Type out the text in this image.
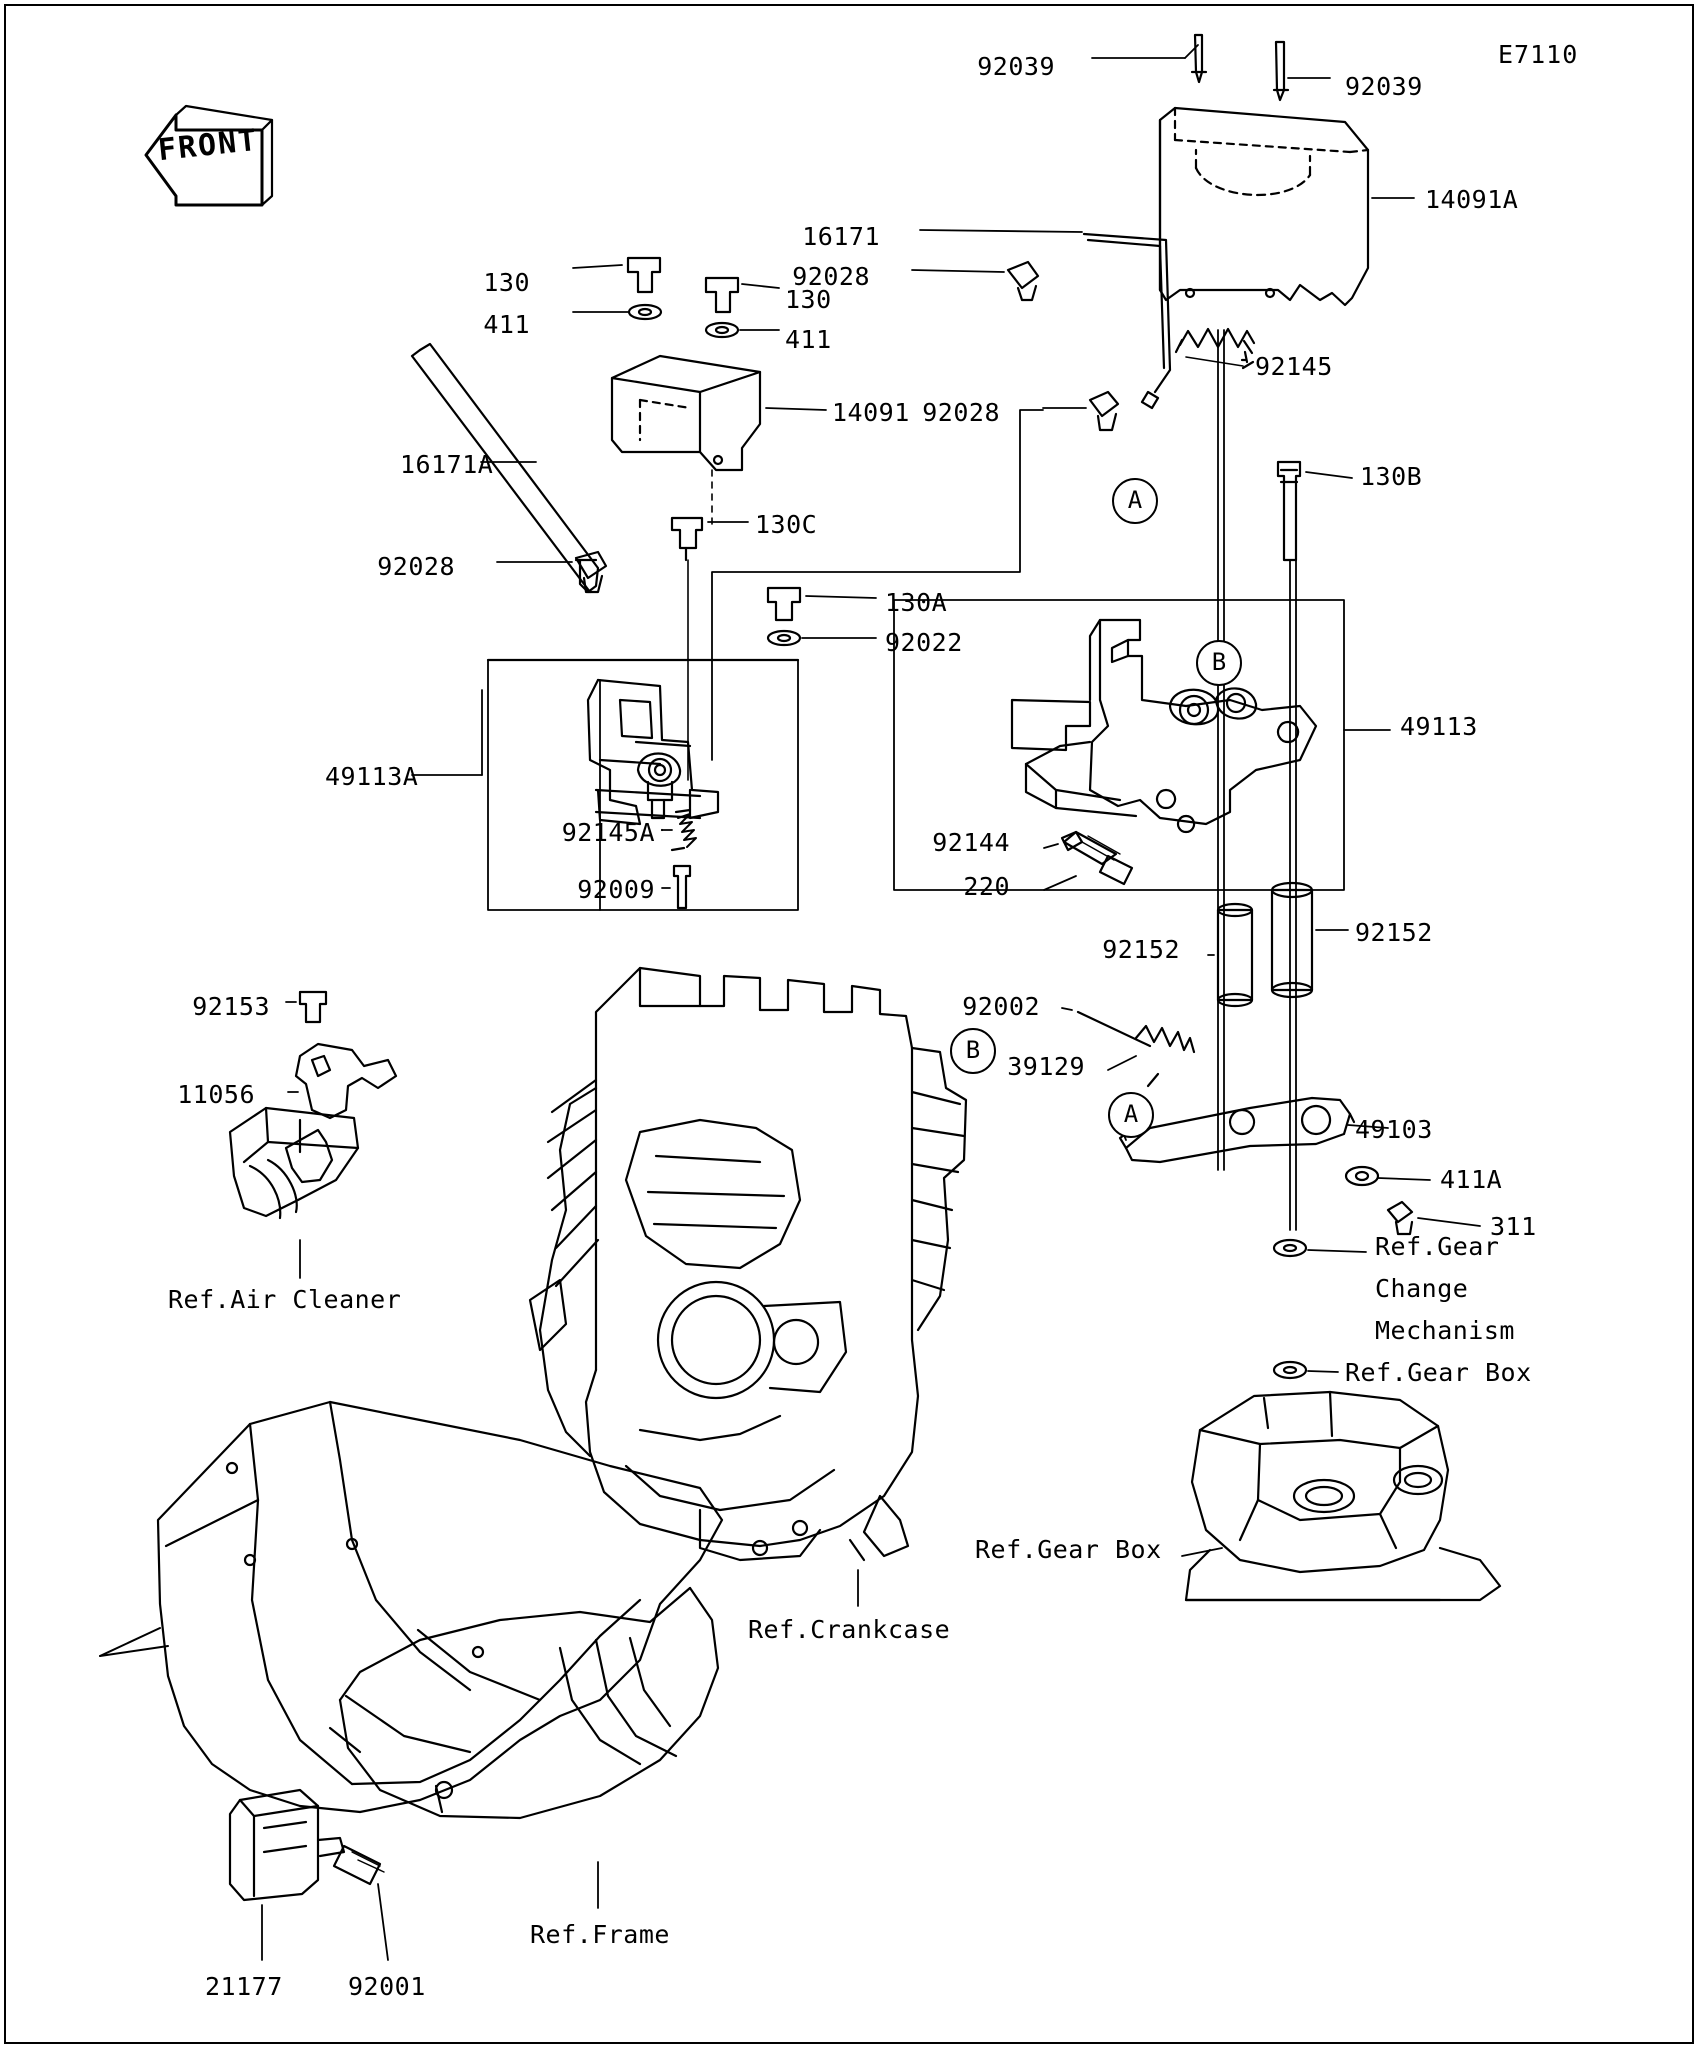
E7110
FRONT
92039
92039
14091A
16171
92028
92145
130
130
411
411
14091 92028
16171A	130B
130C
92028
130A
92022
49113
49113A
92145A	92144
92009	220
92152
92152
92153	92002
39129
11056
49103
411A
311
21177	92001
Ref.Gear
Change
Mechanism
Ref.Gear Box
Ref.Air Cleaner
Ref.Gear Box
Ref.Crankcase
Ref.Frame
A
B
B
A
